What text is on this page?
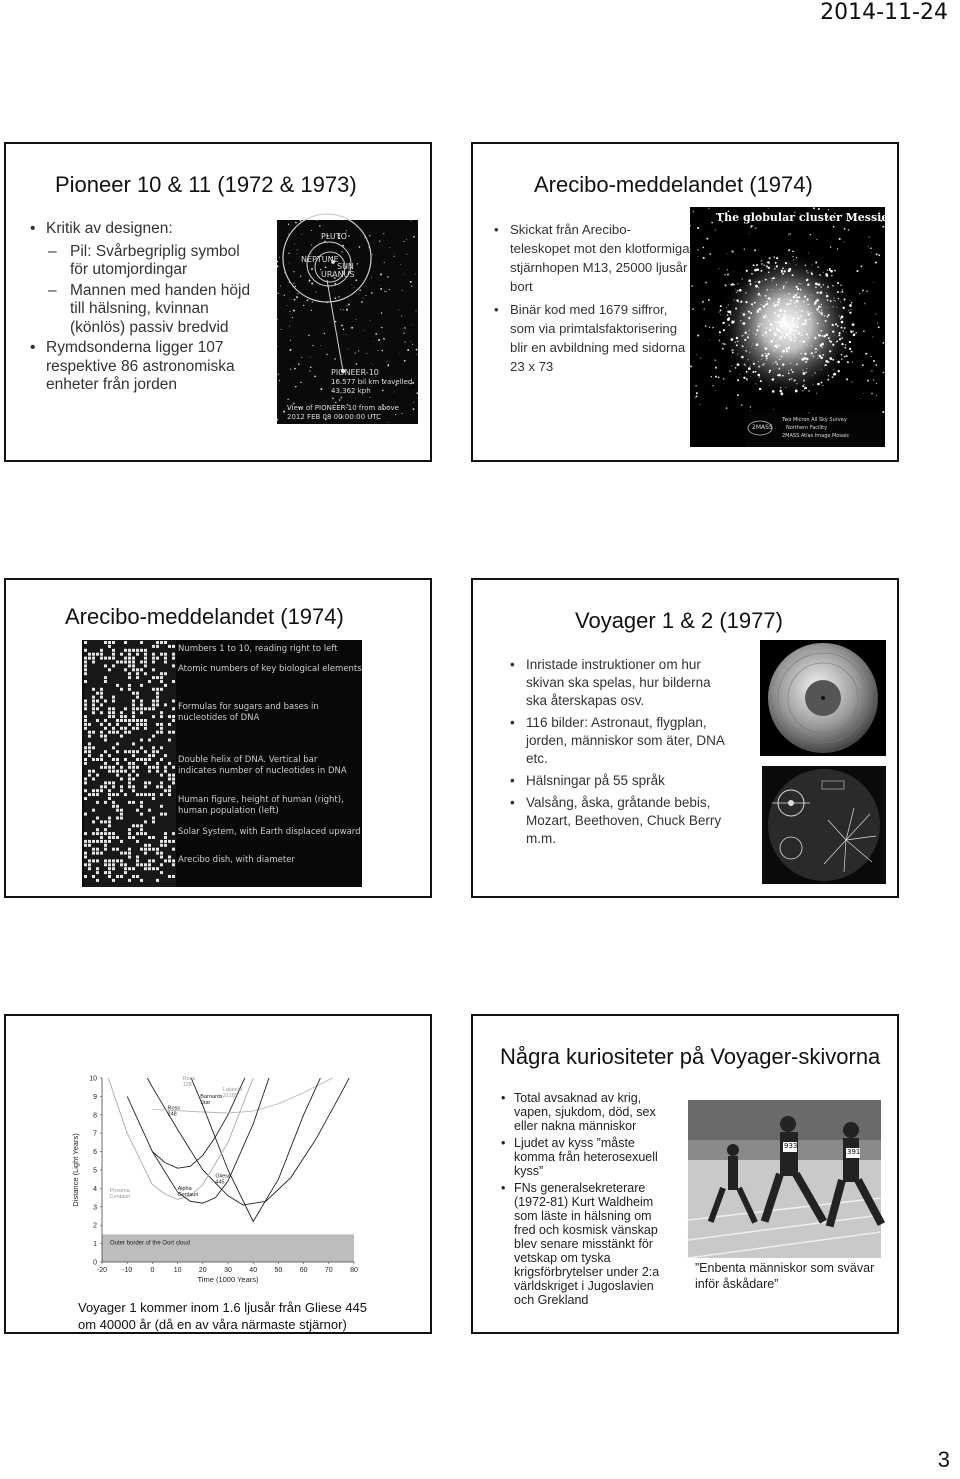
2014-11-24
Pioneer 10 & 11 (1972 & 1973)
• Kritik av designen:
– Pil: Svårbegriplig symbol för utomjordingar
– Mannen med handen höjd till hälsning, kvinnan (könlös) passiv bredvid
• Rymdsonderna ligger 107 respektive 86 astronomiska enheter från jorden
PLUTO
NEPTUNE
SUN
URANUS
PIONEER-10
16.577 bil km travelled
43,362 kph
View of PIONEER-10 from above
2012 FEB 08 00:00:00 UTC
Arecibo-meddelandet (1974)
• Skickat från Arecibo-teleskopet mot den klotformiga stjärnhopen M13, 25000 ljusår bort
• Binär kod med 1679 siffror, som via primtalsfaktorisering blir en avbildning med sidorna 23 x 73
The globular cluster Messier 13
2MASS
Two Micron All Sky Survey
Northern Facility
2MASS Atlas Image Mosaic
Arecibo-meddelandet (1974)
Numbers 1 to 10, reading right to left
Atomic numbers of key biological elements
Formulas for sugars and bases in nucleotides of DNA
Double helix of DNA. Vertical bar indicates number of nucleotides in DNA
Human figure, height of human (right), human population (left)
Solar System, with Earth displaced upward
Arecibo dish, with diameter
Voyager 1 & 2 (1977)
• Inristade instruktioner om hur skivan ska spelas, hur bilderna ska återskapas osv.
• 116 bilder: Astronaut, flygplan, jorden, människor som äter, DNA etc.
• Hälsningar på 55 språk
• Valsång, åska, gråtande bebis, Mozart, Beethoven, Chuck Berry m.m.
-20 -10	0	10 20 30 40 50 60 70 80
0
1
2
3
4
5
6
7
8
9
10
Outer border of the Oort cloud
Time (1000 Years)
Distance (Light Years)
Ross 128
Ross 248
Barnards Star
Lalande 21185
Gliese 445
Proxima Centauri
Alpha Centauri
Voyager 1 kommer inom 1.6 ljusår från Gliese 445 om 40000 år (då en av våra närmaste stjärnor)
Några kuriositeter på Voyager-skivorna
• Total avsaknad av krig, vapen, sjukdom, död, sex eller nakna människor
• Ljudet av kyss ”måste komma från heterosexuell kyss”
• FNs generalsekreterare (1972-81) Kurt Waldheim som läste in hälsning om fred och kosmisk vänskap blev senare misstänkt för vetskap om tyska krigsförbrytelser under 2:a världskriget i Jugoslavien och Grekland
933
391
”Enbenta människor som svävar inför åskådare”
3
